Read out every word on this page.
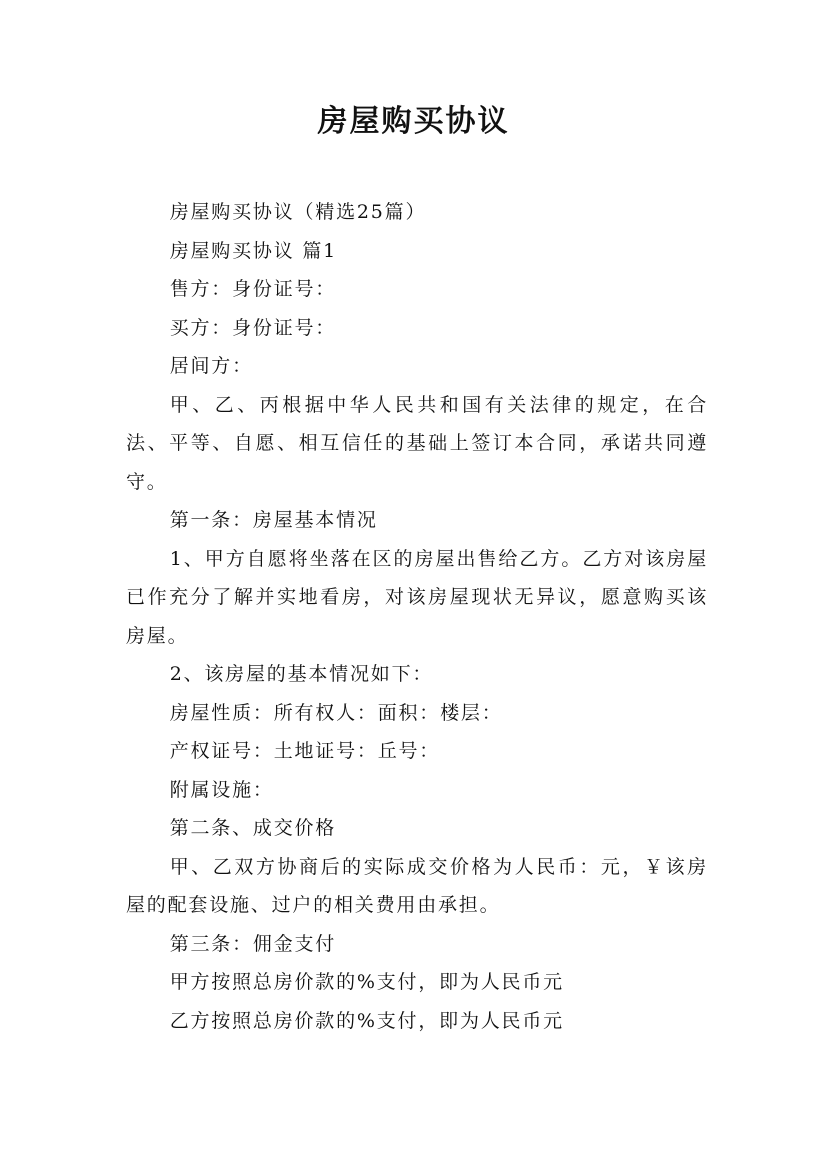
房屋购买协议

房屋购买协议（精选25篇）

房屋购买协议 篇1

售方：身份证号：

买方：身份证号：

居间方：

甲、乙、丙根据中华人民共和国有关法律的规定，在合法、平等、自愿、相互信任的基础上签订本合同，承诺共同遵守。

第一条：房屋基本情况

1、甲方自愿将坐落在区的房屋出售给乙方。乙方对该房屋已作充分了解并实地看房，对该房屋现状无异议，愿意购买该房屋。

2、该房屋的基本情况如下：

房屋性质：所有权人：面积：楼层：

产权证号：土地证号：丘号：

附属设施：

第二条、成交价格

甲、乙双方协商后的实际成交价格为人民币：元，￥该房屋的配套设施、过户的相关费用由承担。

第三条：佣金支付

甲方按照总房价款的%支付，即为人民币元

乙方按照总房价款的%支付，即为人民币元
